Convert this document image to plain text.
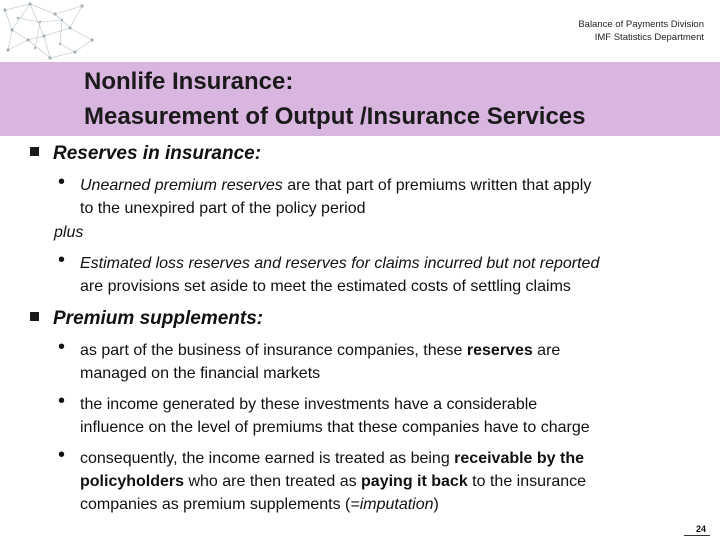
Balance of Payments Division
IMF Statistics Department
Nonlife Insurance:
Measurement of Output /Insurance Services
Reserves in insurance:
• Unearned premium reserves are that part of premiums written that apply
to the unexpired part of the policy period
plus
• Estimated loss reserves and reserves for claims incurred but not reported
are provisions set aside to meet the estimated costs of settling claims
Premium supplements:
• as part of the business of insurance companies, these reserves are
managed on the financial markets
• the income generated by these investments have a considerable
influence on the level of premiums that these companies have to charge
• consequently, the income earned is treated as being receivable by the
policyholders who are then treated as paying it back to the insurance
companies as premium supplements (=imputation)
24
